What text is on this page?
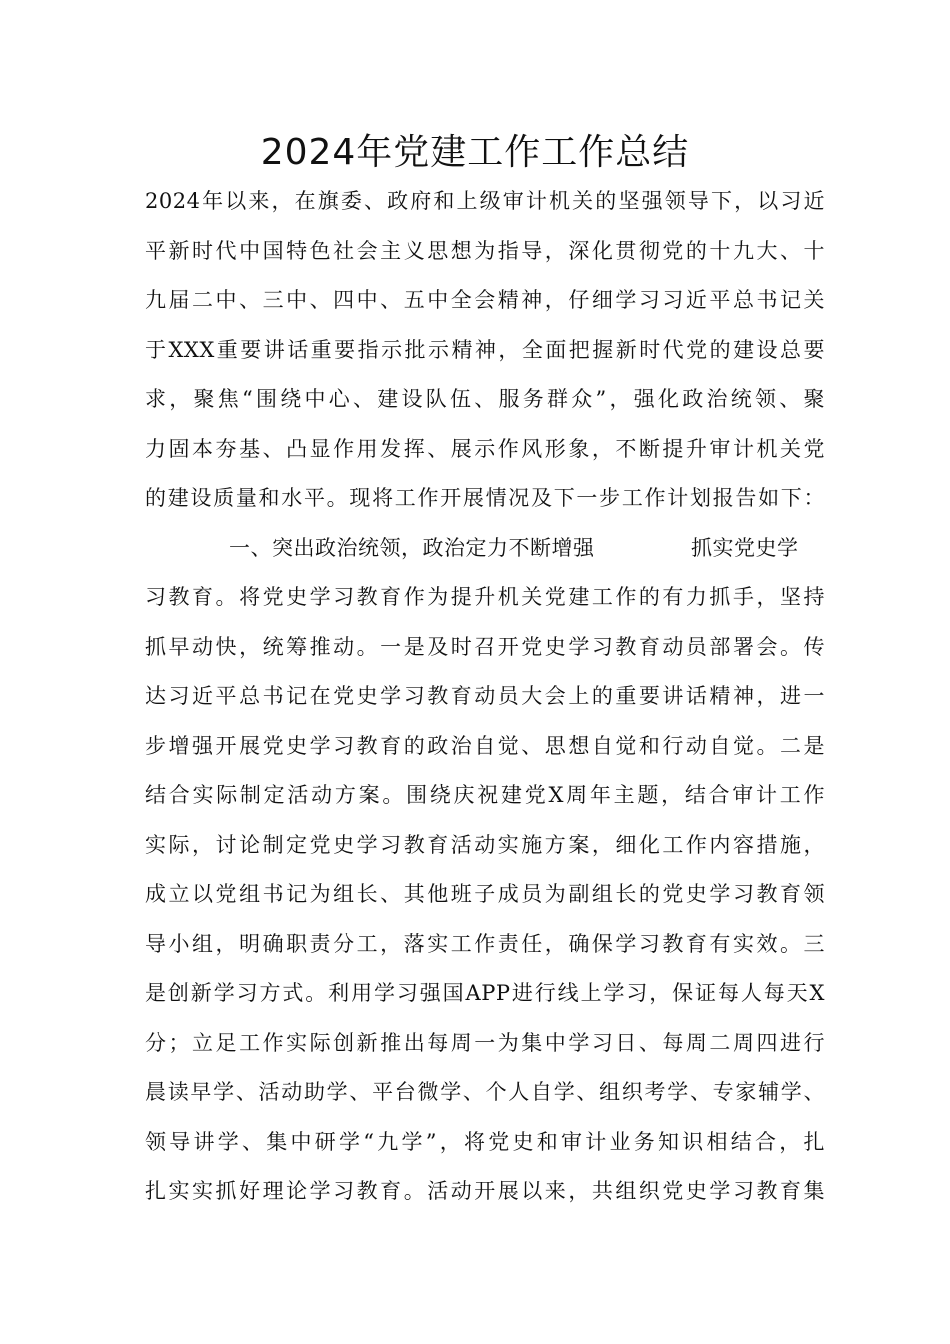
2024年党建工作工作总结
2024年以来，在旗委、政府和上级审计机关的坚强领导下，以习近
平新时代中国特色社会主义思想为指导，深化贯彻党的十九大、十
九届二中、三中、四中、五中全会精神，仔细学习习近平总书记关
于XXX重要讲话重要指示批示精神，全面把握新时代党的建设总要
求，聚焦“围绕中心、建设队伍、服务群众”，强化政治统领、聚
力固本夯基、凸显作用发挥、展示作风形象，不断提升审计机关党
的建设质量和水平。现将工作开展情况及下一步工作计划报告如下：
一、突出政治统领，政治定力不断增强	抓实党史学
习教育。将党史学习教育作为提升机关党建工作的有力抓手，坚持
抓早动快，统筹推动。一是及时召开党史学习教育动员部署会。传
达习近平总书记在党史学习教育动员大会上的重要讲话精神，进一
步增强开展党史学习教育的政治自觉、思想自觉和行动自觉。二是
结合实际制定活动方案。围绕庆祝建党X周年主题，结合审计工作
实际，讨论制定党史学习教育活动实施方案，细化工作内容措施，
成立以党组书记为组长、其他班子成员为副组长的党史学习教育领
导小组，明确职责分工，落实工作责任，确保学习教育有实效。三
是创新学习方式。利用学习强国APP进行线上学习，保证每人每天X
分；立足工作实际创新推出每周一为集中学习日、每周二周四进行
晨读早学、活动助学、平台微学、个人自学、组织考学、专家辅学、
领导讲学、集中研学“九学”，将党史和审计业务知识相结合，扎
扎实实抓好理论学习教育。活动开展以来，共组织党史学习教育集
